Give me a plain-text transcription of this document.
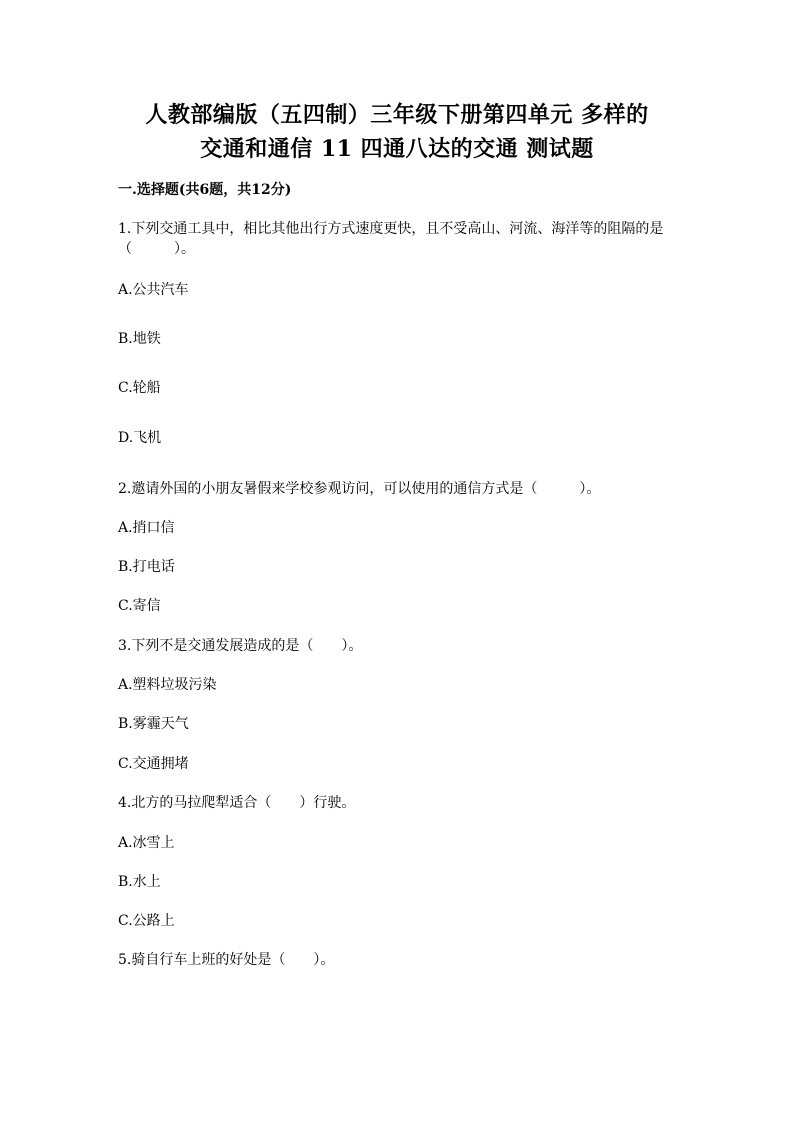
人教部编版（五四制）三年级下册第四单元 多样的
交通和通信 11 四通八达的交通 测试题
一.选择题(共6题，共12分)
1.下列交通工具中，相比其他出行方式速度更快，且不受高山、河流、海洋等的阻隔的是（　　　）。
A.公共汽车
B.地铁
C.轮船
D.飞机
2.邀请外国的小朋友暑假来学校参观访问，可以使用的通信方式是（　　　）。
A.捎口信
B.打电话
C.寄信
3.下列不是交通发展造成的是（　　）。
A.塑料垃圾污染
B.雾霾天气
C.交通拥堵
4.北方的马拉爬犁适合（　　）行驶。
A.冰雪上
B.水上
C.公路上
5.骑自行车上班的好处是（　　）。
